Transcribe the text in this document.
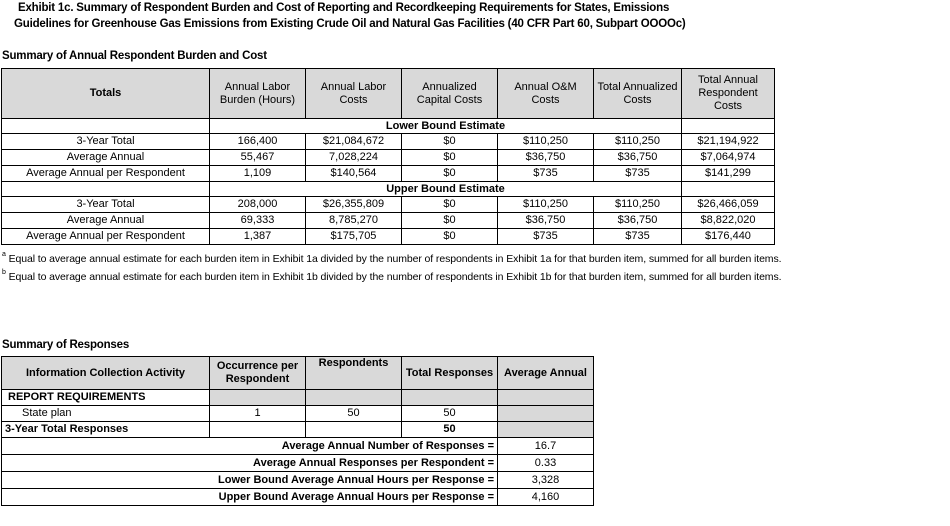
Exhibit 1c. Summary of Respondent Burden and Cost of Reporting and Recordkeeping Requirements for States, Emissions
Guidelines for Greenhouse Gas Emissions from Existing Crude Oil and Natural Gas Facilities (40 CFR Part 60, Subpart OOOOc)
Summary of Annual Respondent Burden and Cost
Totals	Annual Labor Burden (Hours)	Annual Labor Costs	Annualized Capital Costs	Annual O&M Costs	Total Annualized Costs	Total Annual Respondent Costs
	Lower Bound Estimate					
3-Year Total	166,400	$21,084,672	$0	$110,250	$110,250	$21,194,922
Average Annual	55,467	7,028,224	$0	$36,750	$36,750	$7,064,974
Average Annual per Respondent	1,109	$140,564	$0	$735	$735	$141,299
	Upper Bound Estimate					
3-Year Total	208,000	$26,355,809	$0	$110,250	$110,250	$26,466,059
Average Annual	69,333	8,785,270	$0	$36,750	$36,750	$8,822,020
Average Annual per Respondent	1,387	$175,705	$0	$735	$735	$176,440
$^a$ Equal to average annual estimate for each burden item in Exhibit 1a divided by the number of respondents in Exhibit 1a for that burden item, summed for all burden items.
$^b$ Equal to average annual estimate for each burden item in Exhibit 1b divided by the number of respondents in Exhibit 1b for that burden item, summed for all burden items.
Summary of Responses
Information Collection Activity	Occurrence per Respondent	Respondents	Total Responses	Average Annual
REPORT REQUIREMENTS				
State plan	1	50	50	
3-Year Total Responses			50	
Average Annual Number of Responses =				16.7
Average Annual Responses per Respondent =				0.33
Lower Bound Average Annual Hours per Response =				3,328
Upper Bound Average Annual Hours per Response =				4,160
